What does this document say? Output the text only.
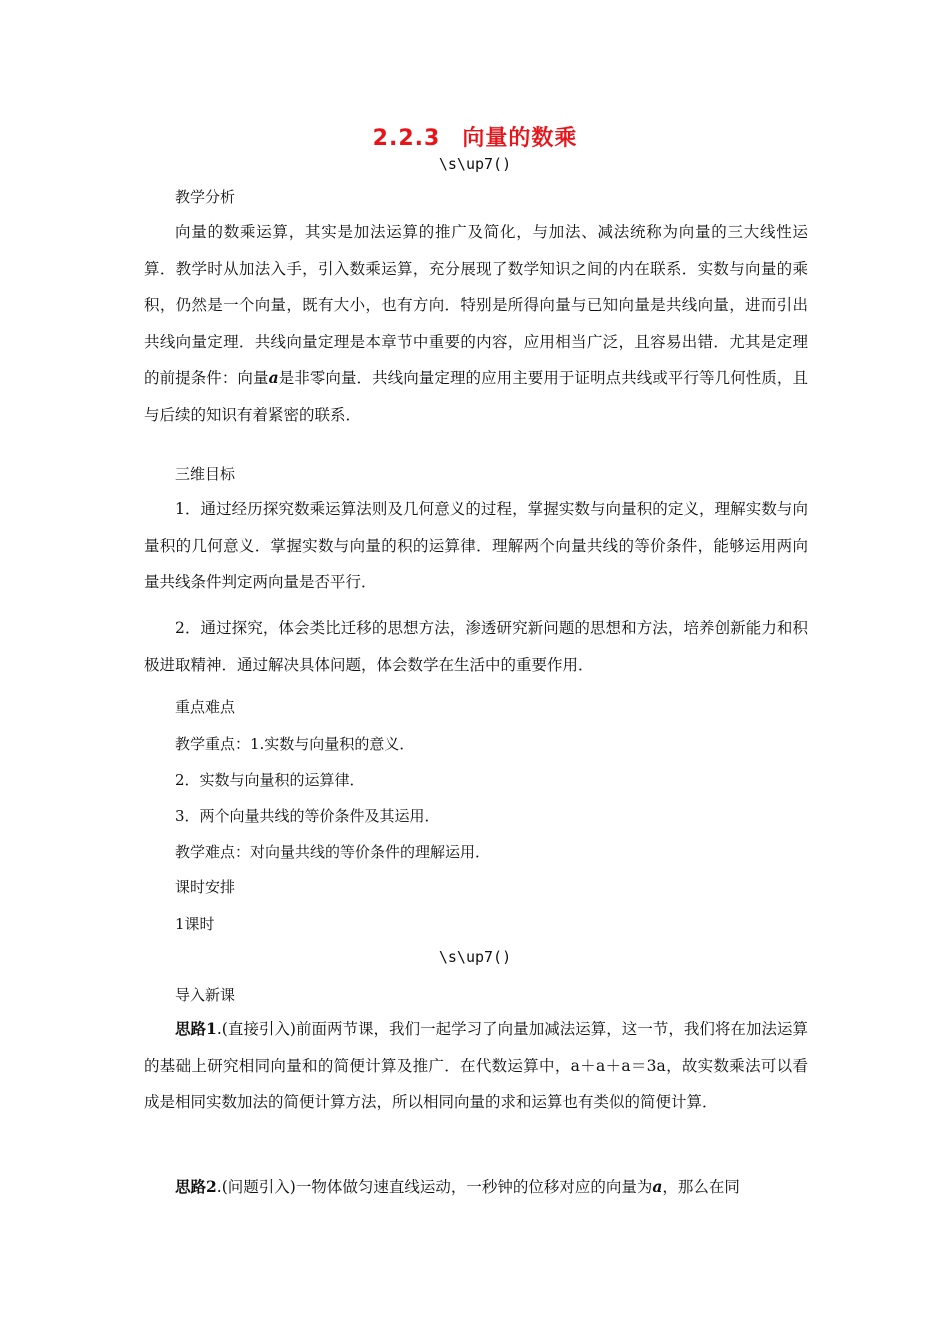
2.2.3 向量的数乘
\s\up7()
教学分析

向量的数乘运算，其实是加法运算的推广及简化，与加法、减法统称为向量的三大线性运算．教学时从加法入手，引入数乘运算，充分展现了数学知识之间的内在联系．实数与向量的乘积，仍然是一个向量，既有大小，也有方向．特别是所得向量与已知向量是共线向量，进而引出共线向量定理．共线向量定理是本章节中重要的内容，应用相当广泛，且容易出错．尤其是定理的前提条件：向量a是非零向量．共线向量定理的应用主要用于证明点共线或平行等几何性质，且与后续的知识有着紧密的联系．

三维目标

1．通过经历探究数乘运算法则及几何意义的过程，掌握实数与向量积的定义，理解实数与向量积的几何意义．掌握实数与向量的积的运算律．理解两个向量共线的等价条件，能够运用两向量共线条件判定两向量是否平行．

2．通过探究，体会类比迁移的思想方法，渗透研究新问题的思想和方法，培养创新能力和积极进取精神．通过解决具体问题，体会数学在生活中的重要作用．

重点难点
教学重点：1.实数与向量积的意义．
2．实数与向量积的运算律．
3．两个向量共线的等价条件及其运用．
教学难点：对向量共线的等价条件的理解运用．
课时安排
1课时
\s\up7()
导入新课

思路1.(直接引入)前面两节课，我们一起学习了向量加减法运算，这一节，我们将在加法运算的基础上研究相同向量和的简便计算及推广．在代数运算中，a＋a＋a＝3a，故实数乘法可以看成是相同实数加法的简便计算方法，所以相同向量的求和运算也有类似的简便计算．

思路2.(问题引入)一物体做匀速直线运动，一秒钟的位移对应的向量为a，那么在同
